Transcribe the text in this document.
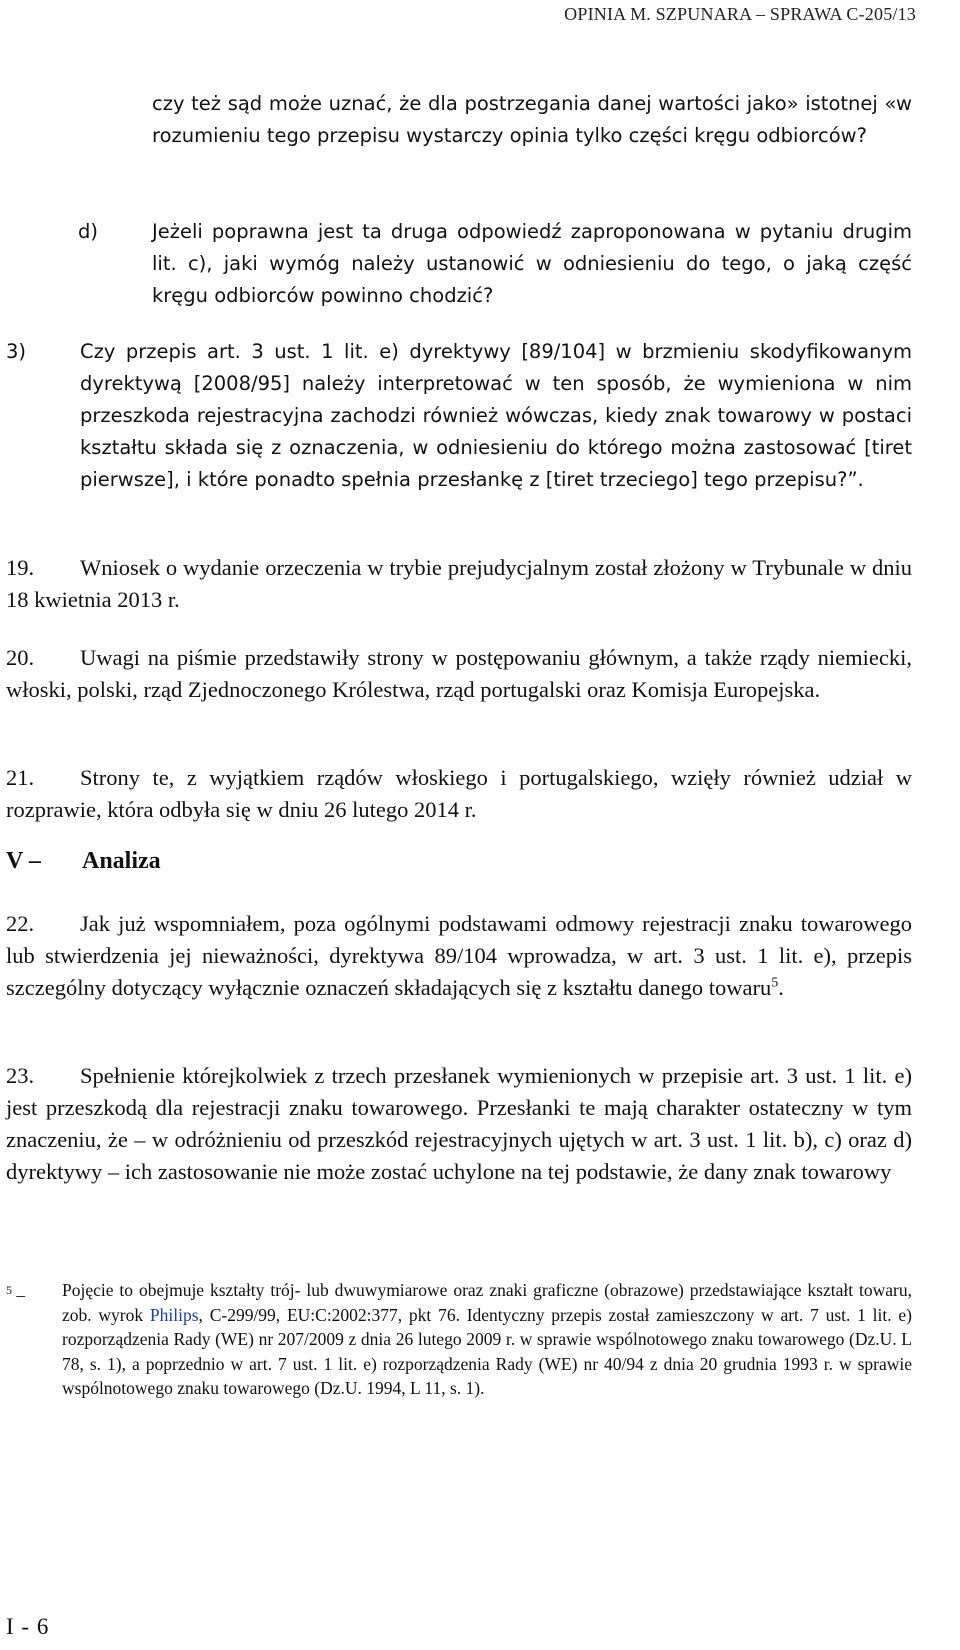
OPINIA M. SZPUNARA – SPRAWA C-205/13
czy też sąd może uznać, że dla postrzegania danej wartości jako» istotnej «w rozumieniu tego przepisu wystarczy opinia tylko części kręgu odbiorców?
d)	Jeżeli poprawna jest ta druga odpowiedź zaproponowana w pytaniu drugim lit. c), jaki wymóg należy ustanowić w odniesieniu do tego, o jaką część kręgu odbiorców powinno chodzić?
3)	Czy przepis art. 3 ust. 1 lit. e) dyrektywy [89/104] w brzmieniu skodyfikowanym dyrektywą [2008/95] należy interpretować w ten sposób, że wymieniona w nim przeszkoda rejestracyjna zachodzi również wówczas, kiedy znak towarowy w postaci kształtu składa się z oznaczenia, w odniesieniu do którego można zastosować [tiret pierwsze], i które ponadto spełnia przesłankę z [tiret trzeciego] tego przepisu?”.
19. Wniosek o wydanie orzeczenia w trybie prejudycjalnym został złożony w Trybunale w dniu 18 kwietnia 2013 r.
20. Uwagi na piśmie przedstawiły strony w postępowaniu głównym, a także rządy niemiecki, włoski, polski, rząd Zjednoczonego Królestwa, rząd portugalski oraz Komisja Europejska.
21. Strony te, z wyjątkiem rządów włoskiego i portugalskiego, wzięły również udział w rozprawie, która odbyła się w dniu 26 lutego 2014 r.
V – Analiza
22. Jak już wspomniałem, poza ogólnymi podstawami odmowy rejestracji znaku towarowego lub stwierdzenia jej nieważności, dyrektywa 89/104 wprowadza, w art. 3 ust. 1 lit. e), przepis szczególny dotyczący wyłącznie oznaczeń składających się z kształtu danego towaru$^5$.
23. Spełnienie którejkolwiek z trzech przesłanek wymienionych w przepisie art. 3 ust. 1 lit. e) jest przeszkodą dla rejestracji znaku towarowego. Przesłanki te mają charakter ostateczny w tym znaczeniu, że – w odróżnieniu od przeszkód rejestracyjnych ujętych w art. 3 ust. 1 lit. b), c) oraz d) dyrektywy – ich zastosowanie nie może zostać uchylone na tej podstawie, że dany znak towarowy
$^5$ – Pojęcie to obejmuje kształty trój- lub dwuwymiarowe oraz znaki graficzne (obrazowe) przedstawiające kształt towaru, zob. wyrok Philips, C-299/99, EU:C:2002:377, pkt 76. Identyczny przepis został zamieszczony w art. 7 ust. 1 lit. e) rozporządzenia Rady (WE) nr 207/2009 z dnia 26 lutego 2009 r. w sprawie wspólnotowego znaku towarowego (Dz.U. L 78, s. 1), a poprzednio w art. 7 ust. 1 lit. e) rozporządzenia Rady (WE) nr 40/94 z dnia 20 grudnia 1993 r. w sprawie wspólnotowego znaku towarowego (Dz.U. 1994, L 11, s. 1).
I - 6
